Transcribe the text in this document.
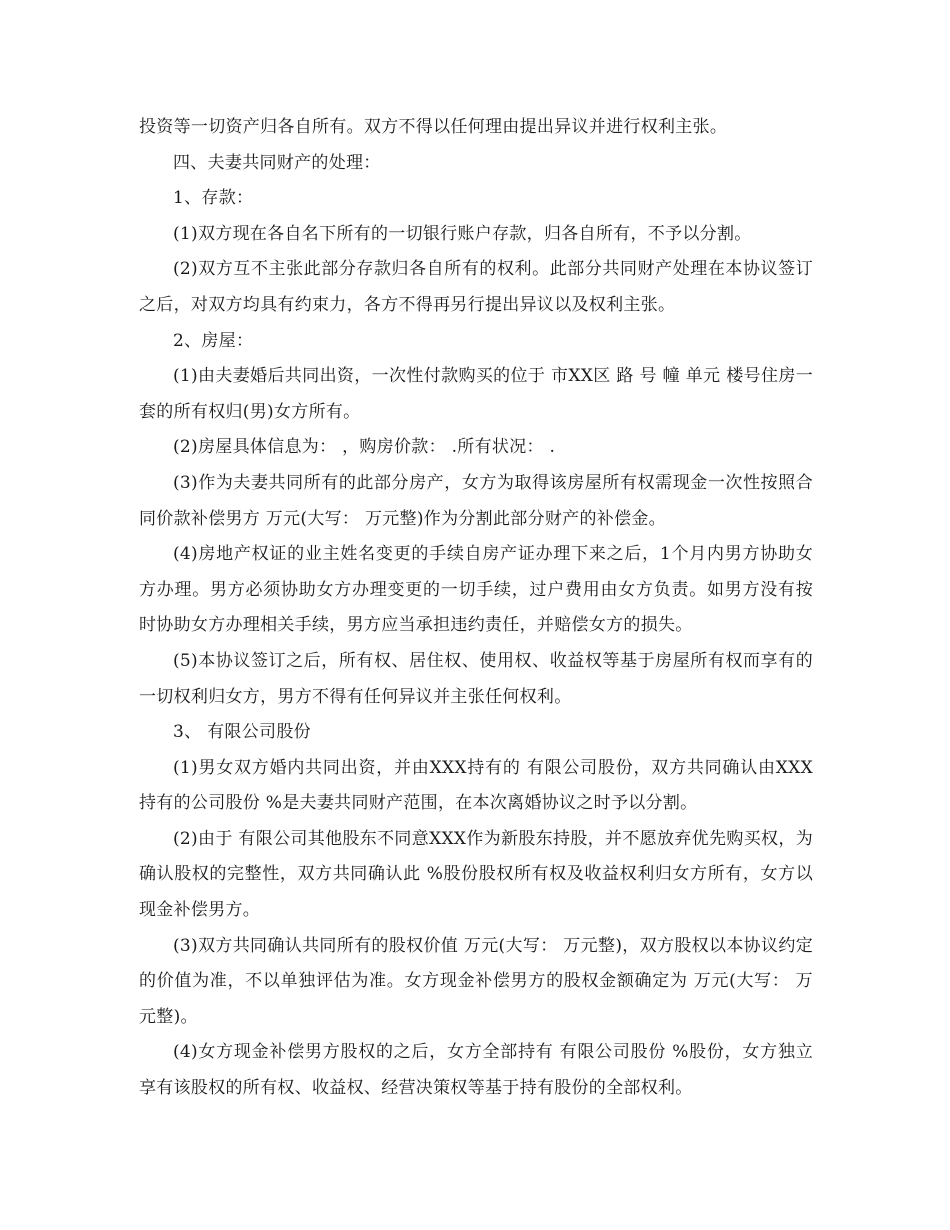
投资等一切资产归各自所有。双方不得以任何理由提出异议并进行权利主张。

四、夫妻共同财产的处理：

1、存款：

(1)双方现在各自名下所有的一切银行账户存款，归各自所有，不予以分割。

(2)双方互不主张此部分存款归各自所有的权利。此部分共同财产处理在本协议签订之后，对双方均具有约束力，各方不得再另行提出异议以及权利主张。

2、房屋：

(1)由夫妻婚后共同出资，一次性付款购买的位于 市XX区 路 号 幢 单元 楼号住房一套的所有权归(男)女方所有。

(2)房屋具体信息为： ，购房价款： .所有状况： .

(3)作为夫妻共同所有的此部分房产，女方为取得该房屋所有权需现金一次性按照合同价款补偿男方 万元(大写： 万元整)作为分割此部分财产的补偿金。

(4)房地产权证的业主姓名变更的手续自房产证办理下来之后，1个月内男方协助女方办理。男方必须协助女方办理变更的一切手续，过户费用由女方负责。如男方没有按时协助女方办理相关手续，男方应当承担违约责任，并赔偿女方的损失。

(5)本协议签订之后，所有权、居住权、使用权、收益权等基于房屋所有权而享有的一切权利归女方，男方不得有任何异议并主张任何权利。

3、 有限公司股份

(1)男女双方婚内共同出资，并由XXX持有的 有限公司股份，双方共同确认由XXX持有的公司股份 %是夫妻共同财产范围，在本次离婚协议之时予以分割。

(2)由于 有限公司其他股东不同意XXX作为新股东持股，并不愿放弃优先购买权，为确认股权的完整性，双方共同确认此 %股份股权所有权及收益权利归女方所有，女方以现金补偿男方。

(3)双方共同确认共同所有的股权价值 万元(大写： 万元整)，双方股权以本协议约定的价值为准，不以单独评估为准。女方现金补偿男方的股权金额确定为 万元(大写： 万元整)。

(4)女方现金补偿男方股权的之后，女方全部持有 有限公司股份 %股份，女方独立享有该股权的所有权、收益权、经营决策权等基于持有股份的全部权利。
